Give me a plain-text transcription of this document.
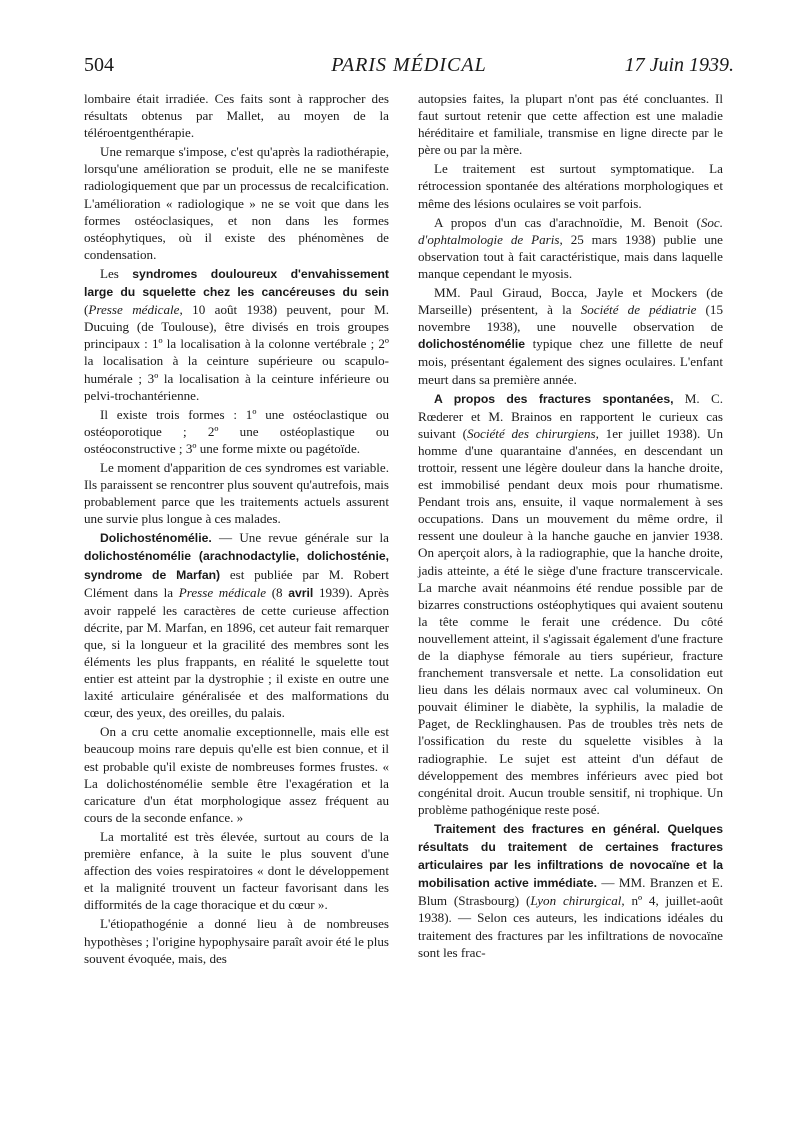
504	PARIS MÉDICAL	17 Juin 1939.

lombaire était irradiée. Ces faits sont à rapprocher des résultats obtenus par Mallet, au moyen de la téléroentgenthérapie.

Une remarque s'impose, c'est qu'après la radiothérapie, lorsqu'une amélioration se produit, elle ne se manifeste radiologiquement que par un processus de recalcification. L'amélioration « radiologique » ne se voit que dans les formes ostéoclasiques, et non dans les formes ostéophytiques, où il existe des phénomènes de condensation.

Les syndromes douloureux d'envahissement large du squelette chez les cancéreuses du sein (Presse médicale, 10 août 1938) peuvent, pour M. Ducuing (de Toulouse), être divisés en trois groupes principaux : 1º la localisation à la colonne vertébrale ; 2º la localisation à la ceinture supérieure ou scapulo-humérale ; 3º la localisation à la ceinture inférieure ou pelvi-trochantérienne.

Il existe trois formes : 1º une ostéoclastique ou ostéoporotique ; 2º une ostéoplastique ou ostéoconstructive ; 3º une forme mixte ou pagétoïde.

Le moment d'apparition de ces syndromes est variable. Ils paraissent se rencontrer plus souvent qu'autrefois, mais probablement parce que les traitements actuels assurent une survie plus longue à ces malades.

Dolichosténomélie. — Une revue générale sur la dolichosténomélie (arachnodactylie, dolichosténie, syndrome de Marfan) est publiée par M. Robert Clément dans la Presse médicale (8 avril 1939). Après avoir rappelé les caractères de cette curieuse affection décrite, par M. Marfan, en 1896, cet auteur fait remarquer que, si la longueur et la gracilité des membres sont les éléments les plus frappants, en réalité le squelette tout entier est atteint par la dystrophie ; il existe en outre une laxité articulaire généralisée et des malformations du cœur, des yeux, des oreilles, du palais.

On a cru cette anomalie exceptionnelle, mais elle est beaucoup moins rare depuis qu'elle est bien connue, et il est probable qu'il existe de nombreuses formes frustes. « La dolichosténomélie semble être l'exagération et la caricature d'un état morphologique assez fréquent au cours de la seconde enfance. »

La mortalité est très élevée, surtout au cours de la première enfance, à la suite le plus souvent d'une affection des voies respiratoires « dont le développement et la malignité trouvent un facteur favorisant dans les difformités de la cage thoracique et du cœur ».

L'étiopathogénie a donné lieu à de nombreuses hypothèses ; l'origine hypophysaire paraît avoir été le plus souvent évoquée, mais, des

autopsies faites, la plupart n'ont pas été concluantes. Il faut surtout retenir que cette affection est une maladie héréditaire et familiale, transmise en ligne directe par le père ou par la mère.

Le traitement est surtout symptomatique. La rétrocession spontanée des altérations morphologiques et même des lésions oculaires se voit parfois.

A propos d'un cas d'arachnoïdie, M. Benoit (Soc. d'ophtalmologie de Paris, 25 mars 1938) publie une observation tout à fait caractéristique, mais dans laquelle manque cependant le myosis.

MM. Paul Giraud, Bocca, Jayle et Mockers (de Marseille) présentent, à la Société de pédiatrie (15 novembre 1938), une nouvelle observation de dolichosténomélie typique chez une fillette de neuf mois, présentant également des signes oculaires. L'enfant meurt dans sa première année.

A propos des fractures spontanées, M. C. Rœderer et M. Brainos en rapportent le curieux cas suivant (Société des chirurgiens, 1er juillet 1938). Un homme d'une quarantaine d'années, en descendant un trottoir, ressent une légère douleur dans la hanche droite, est immobilisé pendant deux mois pour rhumatisme. Pendant trois ans, ensuite, il vaque normalement à ses occupations. Dans un mouvement du même ordre, il ressent une douleur à la hanche gauche en janvier 1938. On aperçoit alors, à la radiographie, que la hanche droite, jadis atteinte, a été le siège d'une fracture transcervicale. La marche avait néanmoins été rendue possible par de bizarres constructions ostéophytiques qui avaient soutenu la tête comme le ferait une crédence. Du côté nouvellement atteint, il s'agissait également d'une fracture de la diaphyse fémorale au tiers supérieur, fracture franchement transversale et nette. La consolidation eut lieu dans les délais normaux avec cal volumineux. On pouvait éliminer le diabète, la syphilis, la maladie de Paget, de Recklinghausen. Pas de troubles très nets de l'ossification du reste du squelette visibles à la radiographie. Le sujet est atteint d'un défaut de développement des membres inférieurs avec pied bot congénital droit. Aucun trouble sensitif, ni trophique. Un problème pathogénique reste posé.

Traitement des fractures en général. Quelques résultats du traitement de certaines fractures articulaires par les infiltrations de novocaïne et la mobilisation active immédiate. — MM. Branzen et E. Blum (Strasbourg) (Lyon chirurgical, nº 4, juillet-août 1938). — Selon ces auteurs, les indications idéales du traitement des fractures par les infiltrations de novocaïne sont les frac-
